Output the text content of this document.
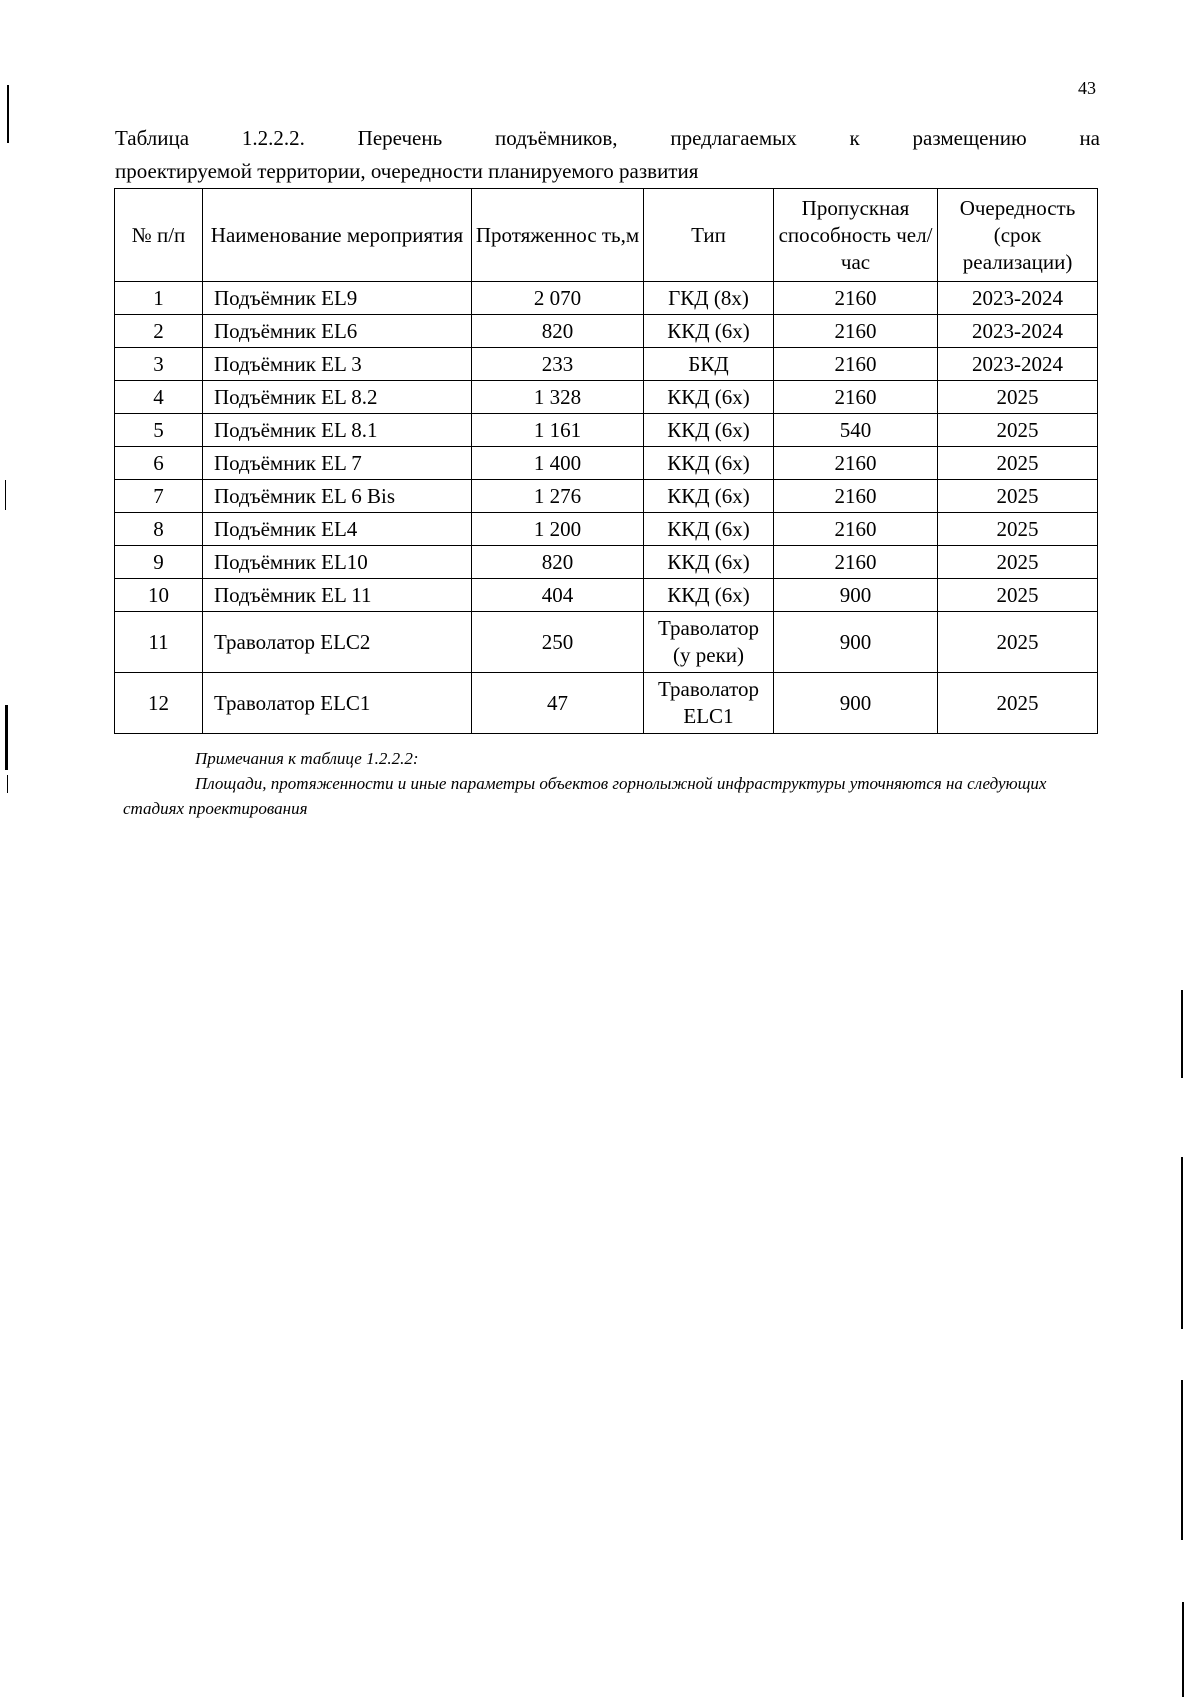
43
Таблица	1.2.2.2.	Перечень	подъёмников,	предлагаемых	к	размещению	на
проектируемой территории, очередности планируемого развития
№ п/п	Наименование мероприятия	Протяженнос ть,м	Тип	Пропускная способность чел/час	Очередность (срок реализации)
1	Подъёмник EL9	2 070	ГКД (8х)	2160	2023-2024
2	Подъёмник EL6	820	ККД (6х)	2160	2023-2024
3	Подъёмник EL 3	233	БКД	2160	2023-2024
4	Подъёмник EL 8.2	1 328	ККД (6х)	2160	2025
5	Подъёмник EL 8.1	1 161	ККД (6х)	540	2025
6	Подъёмник EL 7	1 400	ККД (6х)	2160	2025
7	Подъёмник EL 6 Bis	1 276	ККД (6х)	2160	2025
8	Подъёмник EL4	1 200	ККД (6х)	2160	2025
9	Подъёмник EL10	820	ККД (6х)	2160	2025
10	Подъёмник EL 11	404	ККД (6х)	900	2025
11	Траволатор ELC2	250	Траволатор (у реки)	900	2025
12	Траволатор ELC1	47	Траволатор ELC1	900	2025
Примечания к таблице 1.2.2.2:
Площади, протяженности и иные параметры объектов горнолыжной инфраструктуры уточняются на следующих стадиях проектирования
